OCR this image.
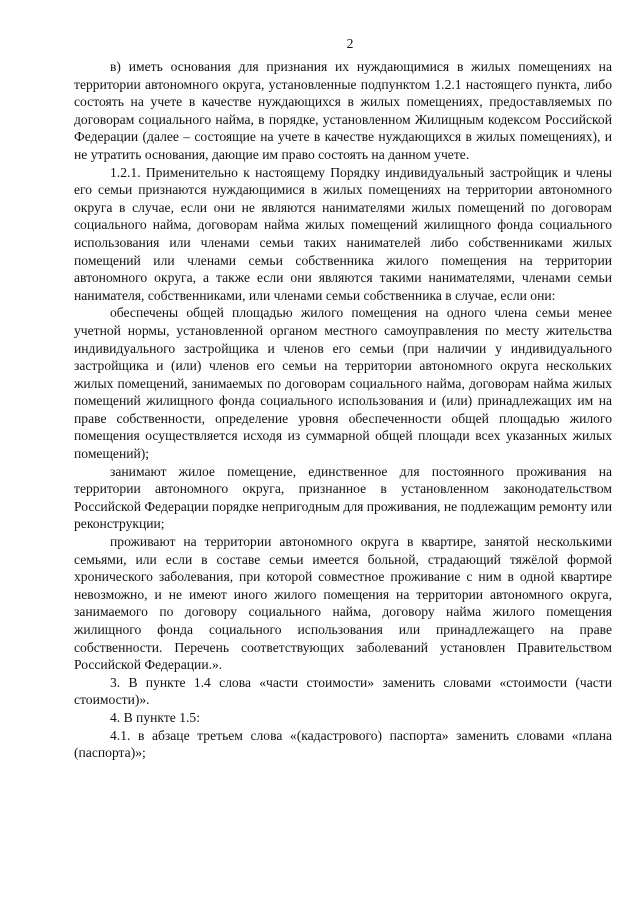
2

в) иметь основания для признания их нуждающимися в жилых помещениях на территории автономного округа, установленные подпунктом 1.2.1 настоящего пункта, либо состоять на учете в качестве нуждающихся в жилых помещениях, предоставляемых по договорам социального найма, в порядке, установленном Жилищным кодексом Российской Федерации (далее – состоящие на учете в качестве нуждающихся в жилых помещениях), и не утратить основания, дающие им право состоять на данном учете.

1.2.1. Применительно к настоящему Порядку индивидуальный застройщик и члены его семьи признаются нуждающимися в жилых помещениях на территории автономного округа в случае, если они не являются нанимателями жилых помещений по договорам социального найма, договорам найма жилых помещений жилищного фонда социального использования или членами семьи таких нанимателей либо собственниками жилых помещений или членами семьи собственника жилого помещения на территории автономного округа, а также если они являются такими нанимателями, членами семьи нанимателя, собственниками, или членами семьи собственника в случае, если они:

обеспечены общей площадью жилого помещения на одного члена семьи менее учетной нормы, установленной органом местного самоуправления по месту жительства индивидуального застройщика и членов его семьи (при наличии у индивидуального застройщика и (или) членов его семьи на территории автономного округа нескольких жилых помещений, занимаемых по договорам социального найма, договорам найма жилых помещений жилищного фонда социального использования и (или) принадлежащих им на праве собственности, определение уровня обеспеченности общей площадью жилого помещения осуществляется исходя из суммарной общей площади всех указанных жилых помещений);

занимают жилое помещение, единственное для постоянного проживания на территории автономного округа, признанное в установленном законодательством Российской Федерации порядке непригодным для проживания, не подлежащим ремонту или реконструкции;

проживают на территории автономного округа в квартире, занятой несколькими семьями, или если в составе семьи имеется больной, страдающий тяжёлой формой хронического заболевания, при которой совместное проживание с ним в одной квартире невозможно, и не имеют иного жилого помещения на территории автономного округа, занимаемого по договору социального найма, договору найма жилого помещения жилищного фонда социального использования или принадлежащего на праве собственности. Перечень соответствующих заболеваний установлен Правительством Российской Федерации.».

3. В пункте 1.4 слова «части стоимости» заменить словами «стоимости (части стоимости)».

4. В пункте 1.5:

4.1. в абзаце третьем слова «(кадастрового) паспорта» заменить словами «плана (паспорта)»;
